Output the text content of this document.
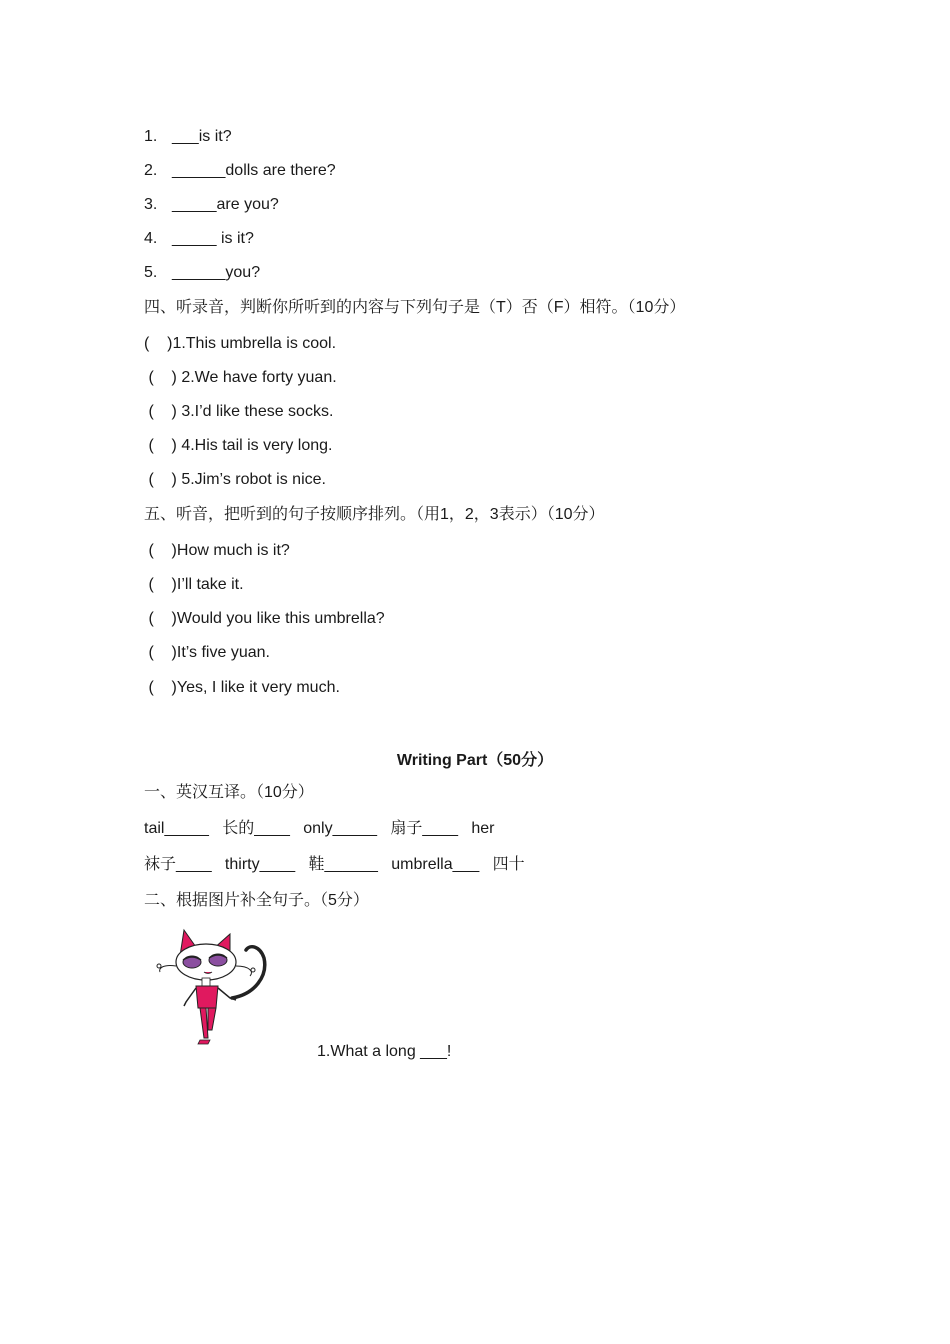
1. ___is it?
2. ______dolls are there?
3. _____are you?
4. _____ is it?
5. ______you?
四、听录音，判断你所听到的内容与下列句子是（T）否（F）相符。（10分）
(    )1.This umbrella is cool.
(    ) 2.We have forty yuan.
(    ) 3.I’d like these socks.
(    ) 4.His tail is very long.
(    ) 5.Jim’s robot is nice.
五、听音，把听到的句子按顺序排列。（用1，2，3表示）（10分）
(    )How much is it?
(    )I’ll take it.
(    )Would you like this umbrella?
(    )It’s five yuan.
(    )Yes, I like it very much.
Writing Part（50分）
一、英汉互译。（10分）
tail_____   长的____   only_____   扇子____   her
袜子____   thirty____   鞋______   umbrella___   四十
二、根据图片补全句子。（5分）
1.What a long ___!
